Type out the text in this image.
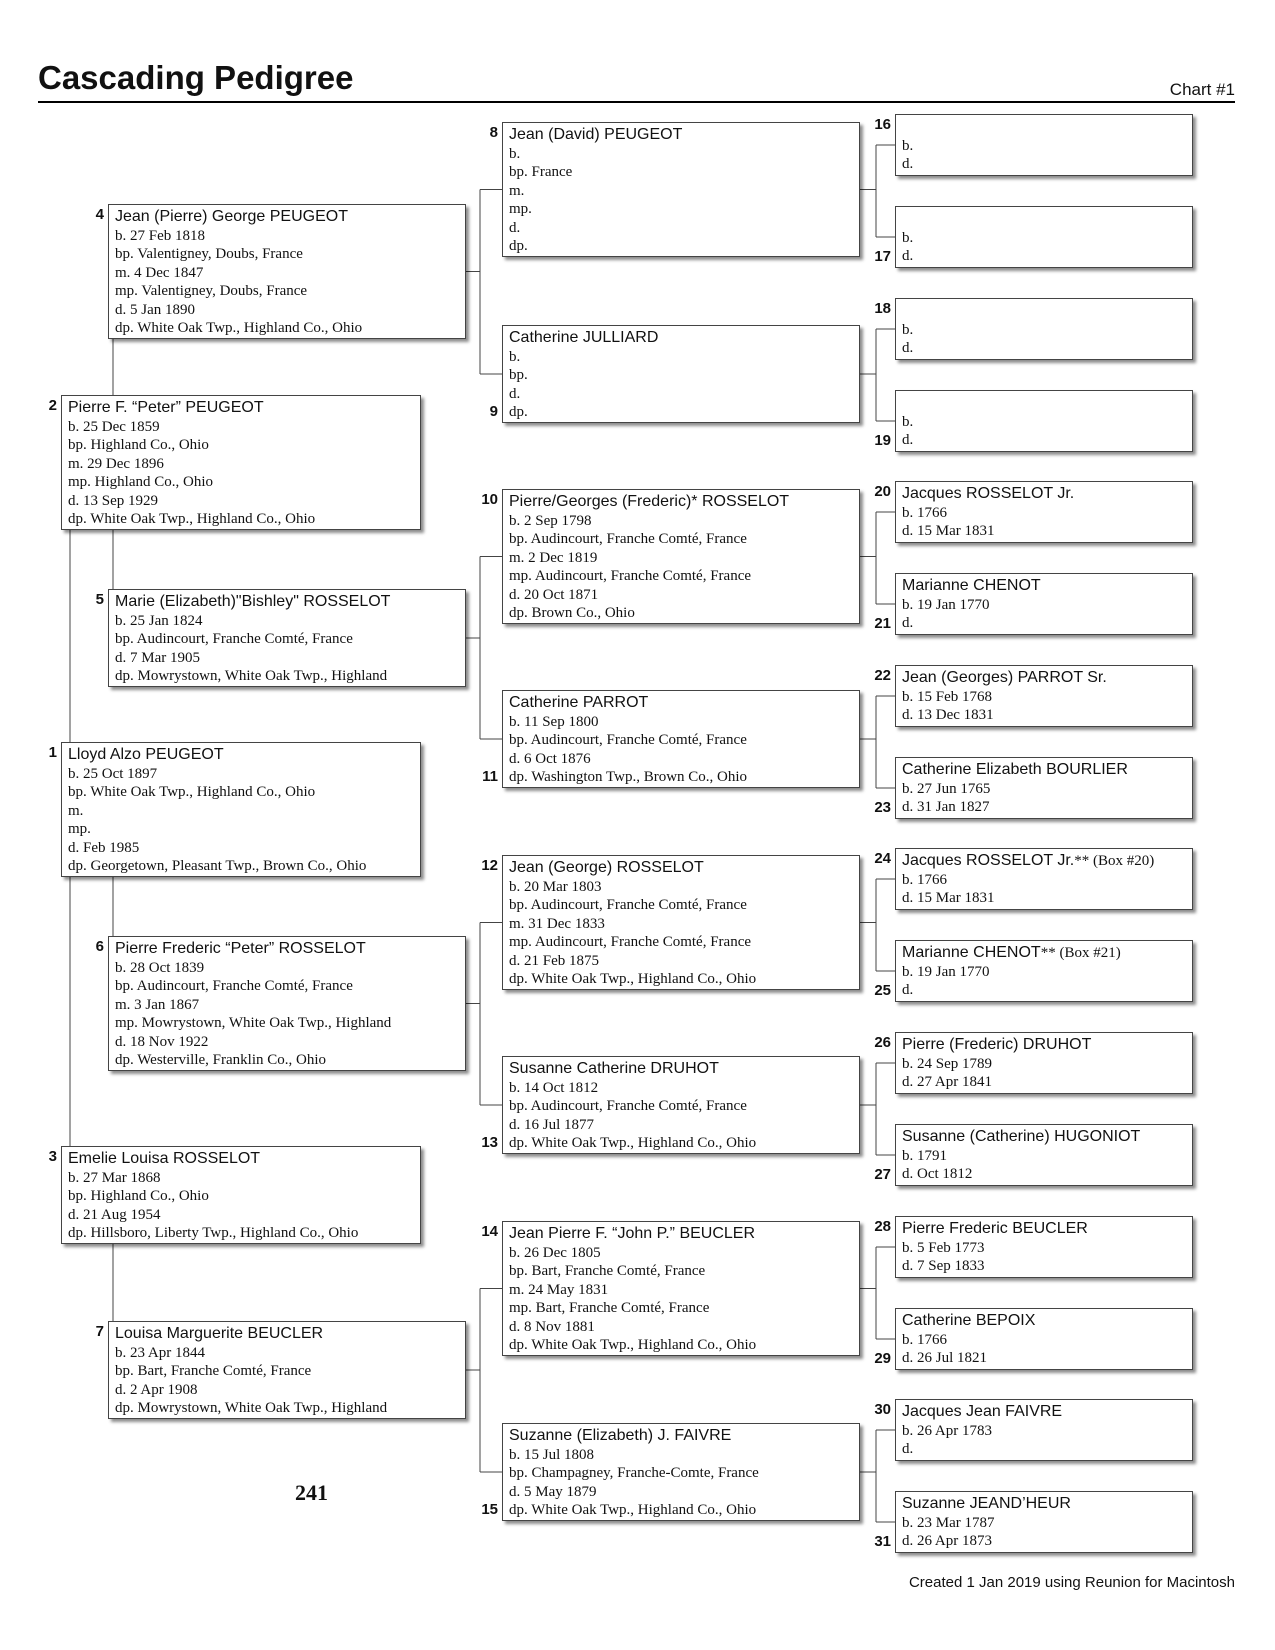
Cascading Pedigree	Chart #1
Lloyd Alzo PEUGEOT
b. 25 Oct 1897
bp. White Oak Twp., Highland Co., Ohio
m.
mp.
d. Feb 1985
dp. Georgetown, Pleasant Twp., Brown Co., Ohio
1
Pierre F. “Peter” PEUGEOT
b. 25 Dec 1859
bp. Highland Co., Ohio
m. 29 Dec 1896
mp. Highland Co., Ohio
d. 13 Sep 1929
dp. White Oak Twp., Highland Co., Ohio
2
Emelie Louisa ROSSELOT
b. 27 Mar 1868
bp. Highland Co., Ohio
d. 21 Aug 1954
dp. Hillsboro, Liberty Twp., Highland Co., Ohio
3
Jean (Pierre) George PEUGEOT
b. 27 Feb 1818
bp. Valentigney, Doubs, France
m. 4 Dec 1847
mp. Valentigney, Doubs, France
d. 5 Jan 1890
dp. White Oak Twp., Highland Co., Ohio
4
Marie (Elizabeth)"Bishley" ROSSELOT
b. 25 Jan 1824
bp. Audincourt, Franche Comté, France
d. 7 Mar 1905
dp. Mowrystown, White Oak Twp., Highland
5
Pierre Frederic “Peter” ROSSELOT
b. 28 Oct 1839
bp. Audincourt, Franche Comté, France
m. 3 Jan 1867
mp. Mowrystown, White Oak Twp., Highland
d. 18 Nov 1922
dp. Westerville, Franklin Co., Ohio
6
Louisa Marguerite BEUCLER
b. 23 Apr 1844
bp. Bart, Franche Comté, France
d. 2 Apr 1908
dp. Mowrystown, White Oak Twp., Highland
7
Jean (David) PEUGEOT
b.
bp. France
m.
mp.
d.
dp.
8
Catherine JULLIARD
b.
bp.
d.
dp.
9
Pierre/Georges (Frederic)* ROSSELOT
b. 2 Sep 1798
bp. Audincourt, Franche Comté, France
m. 2 Dec 1819
mp. Audincourt, Franche Comté, France
d. 20 Oct 1871
dp. Brown Co., Ohio
10
Catherine PARROT
b. 11 Sep 1800
bp. Audincourt, Franche Comté, France
d. 6 Oct 1876
dp. Washington Twp., Brown Co., Ohio
11
Jean (George) ROSSELOT
b. 20 Mar 1803
bp. Audincourt, Franche Comté, France
m. 31 Dec 1833
mp. Audincourt, Franche Comté, France
d. 21 Feb 1875
dp. White Oak Twp., Highland Co., Ohio
12
Susanne Catherine DRUHOT
b. 14 Oct 1812
bp. Audincourt, Franche Comté, France
d. 16 Jul 1877
dp. White Oak Twp., Highland Co., Ohio
13
Jean Pierre F. “John P.” BEUCLER
b. 26 Dec 1805
bp. Bart, Franche Comté, France
m. 24 May 1831
mp. Bart, Franche Comté, France
d. 8 Nov 1881
dp. White Oak Twp., Highland Co., Ohio
14
Suzanne (Elizabeth) J. FAIVRE
b. 15 Jul 1808
bp. Champagney, Franche-Comte, France
d. 5 May 1879
dp. White Oak Twp., Highland Co., Ohio
15
b.
d.
16
b.
d.
17
b.
d.
18
b.
d.
19
Jacques ROSSELOT Jr.
b. 1766
d. 15 Mar 1831
20
Marianne CHENOT
b. 19 Jan 1770
d.
21
Jean (Georges) PARROT Sr.
b. 15 Feb 1768
d. 13 Dec 1831
22
Catherine Elizabeth BOURLIER
b. 27 Jun 1765
d. 31 Jan 1827
23
Jacques ROSSELOT Jr.** (Box #20)
b. 1766
d. 15 Mar 1831
24
Marianne CHENOT** (Box #21)
b. 19 Jan 1770
d.
25
Pierre (Frederic) DRUHOT
b. 24 Sep 1789
d. 27 Apr 1841
26
Susanne (Catherine) HUGONIOT
b. 1791
d. Oct 1812
27
Pierre Frederic BEUCLER
b. 5 Feb 1773
d. 7 Sep 1833
28
Catherine BEPOIX
b. 1766
d. 26 Jul 1821
29
Jacques Jean FAIVRE
b. 26 Apr 1783
d.
30
Suzanne JEAND’HEUR
b. 23 Mar 1787
d. 26 Apr 1873
31
241
Created 1 Jan 2019 using Reunion for Macintosh
